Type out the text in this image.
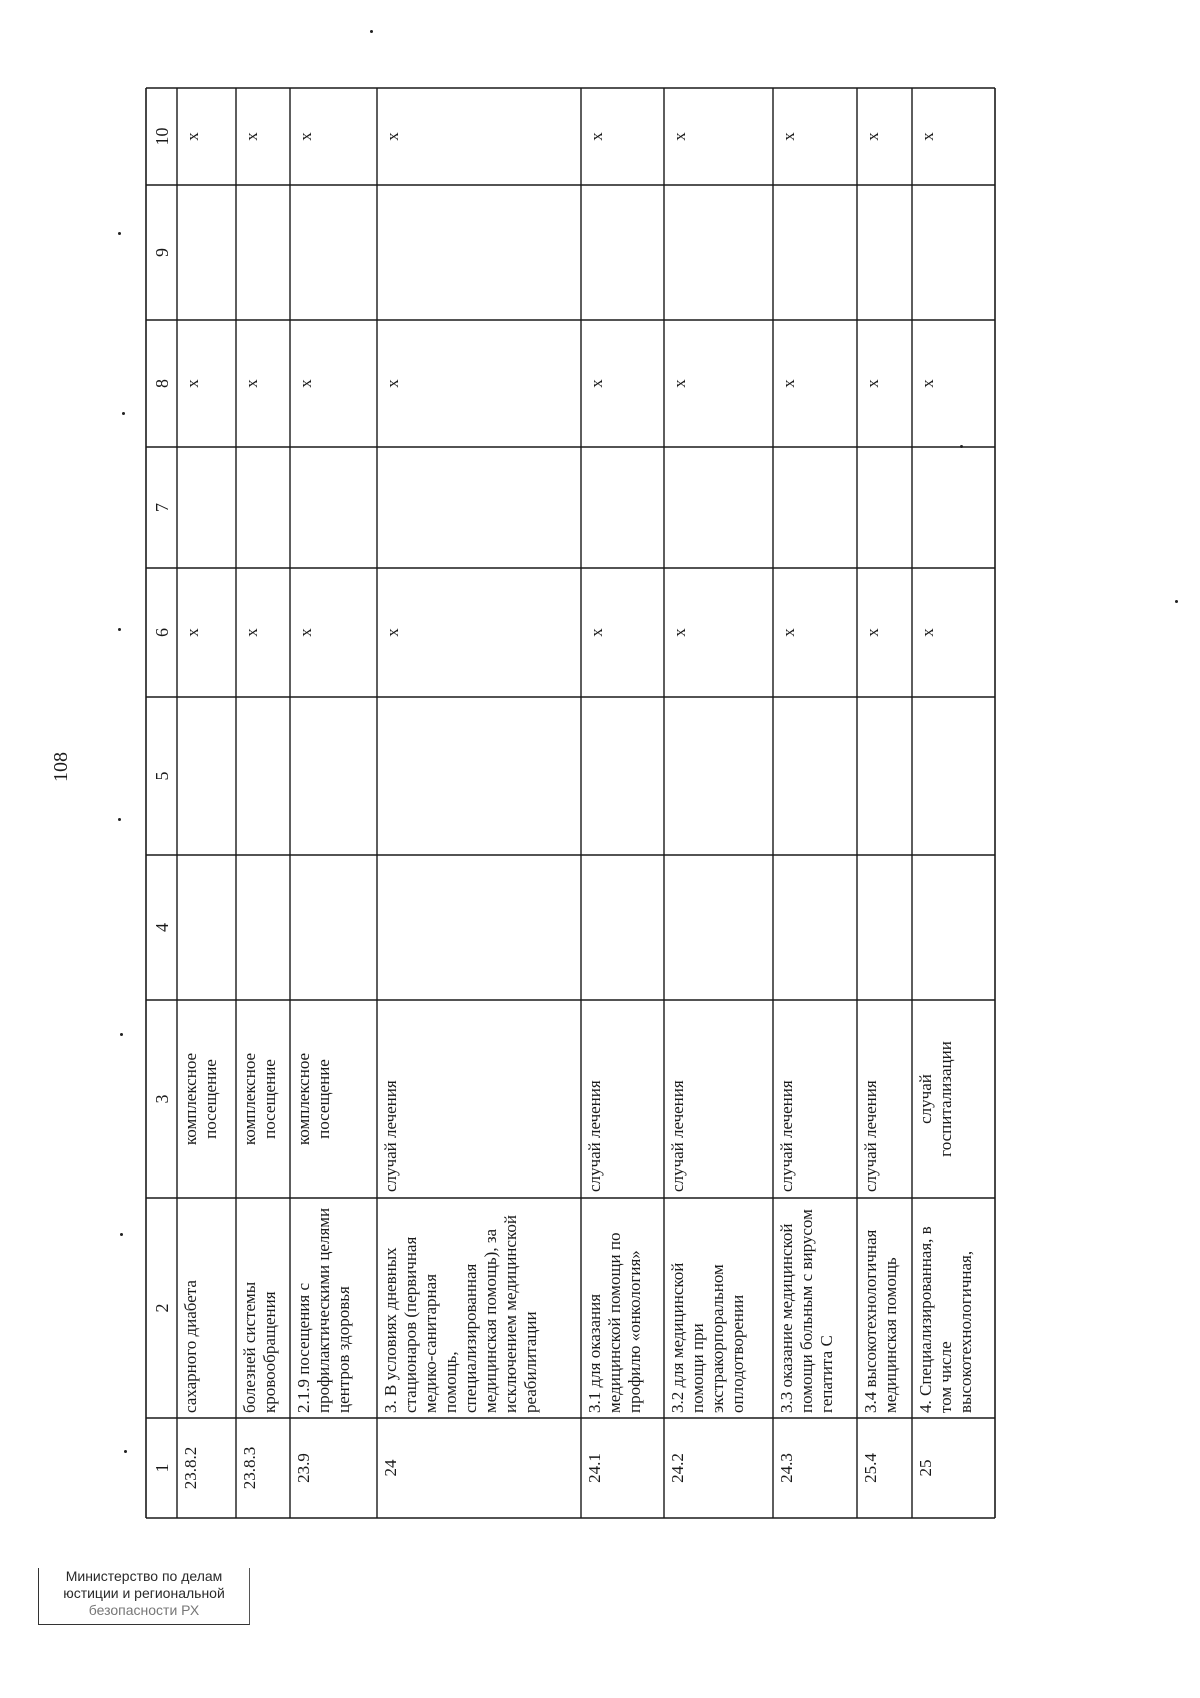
108
1
2
3
4
5
6
7
8
9
10
23.8.2
сахарного диабета
комплексное посещение
х
х
х
23.8.3
болезней системы кровообращения
комплексное посещение
х
х
х
23.9
2.1.9 посещения с профилактическими целями центров здоровья
комплексное посещение
х
х
х
24
3. В условиях дневных стационаров (первичная медико-санитарная помощь, специализированная медицинская помощь), за исключением медицинской реабилитации
случай лечения
х
х
х
24.1
3.1 для оказания медицинской помощи по профилю «онкология»
случай лечения
х
х
х
24.2
3.2 для медицинской помощи при экстракорпоральном оплодотворении
случай лечения
х
х
х
24.3
3.3 оказание медицинской помощи больным с вирусом гепатита С
случай лечения
х
х
х
25.4
3.4 высокотехнологичная медицинская помощь
случай лечения
х
х
х
25
4. Специализированная, в том числе высокотехнологичная,
случай госпитализации
х
х
х
Министерство по делам
юстиции и региональной
безопасности РХ
